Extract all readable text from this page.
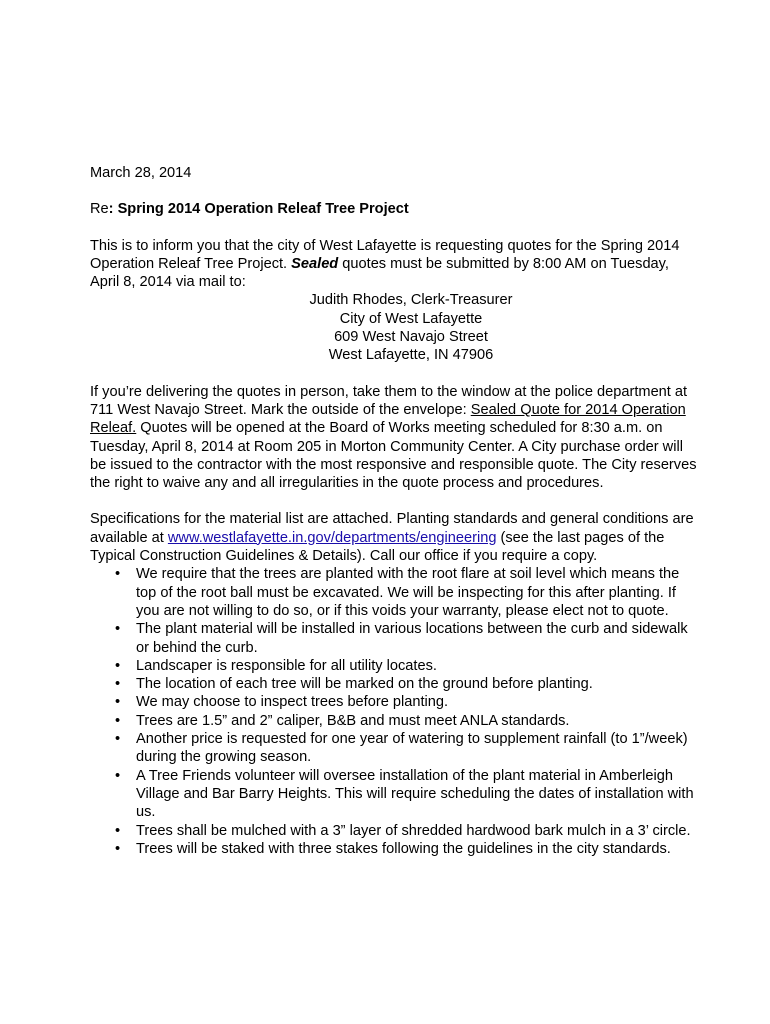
March 28, 2014

Re: Spring 2014 Operation Releaf Tree Project

This is to inform you that the city of West Lafayette is requesting quotes for the Spring 2014 Operation Releaf Tree Project. Sealed quotes must be submitted by 8:00 AM on Tuesday, April 8, 2014 via mail to:

Judith Rhodes, Clerk-Treasurer
City of West Lafayette
609 West Navajo Street
West Lafayette, IN 47906

If you’re delivering the quotes in person, take them to the window at the police department at 711 West Navajo Street. Mark the outside of the envelope: Sealed Quote for 2014 Operation Releaf. Quotes will be opened at the Board of Works meeting scheduled for 8:30 a.m. on Tuesday, April 8, 2014 at Room 205 in Morton Community Center. A City purchase order will be issued to the contractor with the most responsive and responsible quote. The City reserves the right to waive any and all irregularities in the quote process and procedures.

Specifications for the material list are attached. Planting standards and general conditions are available at www.westlafayette.in.gov/departments/engineering (see the last pages of the Typical Construction Guidelines & Details). Call our office if you require a copy.

• We require that the trees are planted with the root flare at soil level which means the top of the root ball must be excavated. We will be inspecting for this after planting. If you are not willing to do so, or if this voids your warranty, please elect not to quote.
• The plant material will be installed in various locations between the curb and sidewalk or behind the curb.
• Landscaper is responsible for all utility locates.
• The location of each tree will be marked on the ground before planting.
• We may choose to inspect trees before planting.
• Trees are 1.5” and 2” caliper, B&B and must meet ANLA standards.
• Another price is requested for one year of watering to supplement rainfall (to 1”/week) during the growing season.
• A Tree Friends volunteer will oversee installation of the plant material in Amberleigh Village and Bar Barry Heights. This will require scheduling the dates of installation with us.
• Trees shall be mulched with a 3” layer of shredded hardwood bark mulch in a 3’ circle.
• Trees will be staked with three stakes following the guidelines in the city standards.
